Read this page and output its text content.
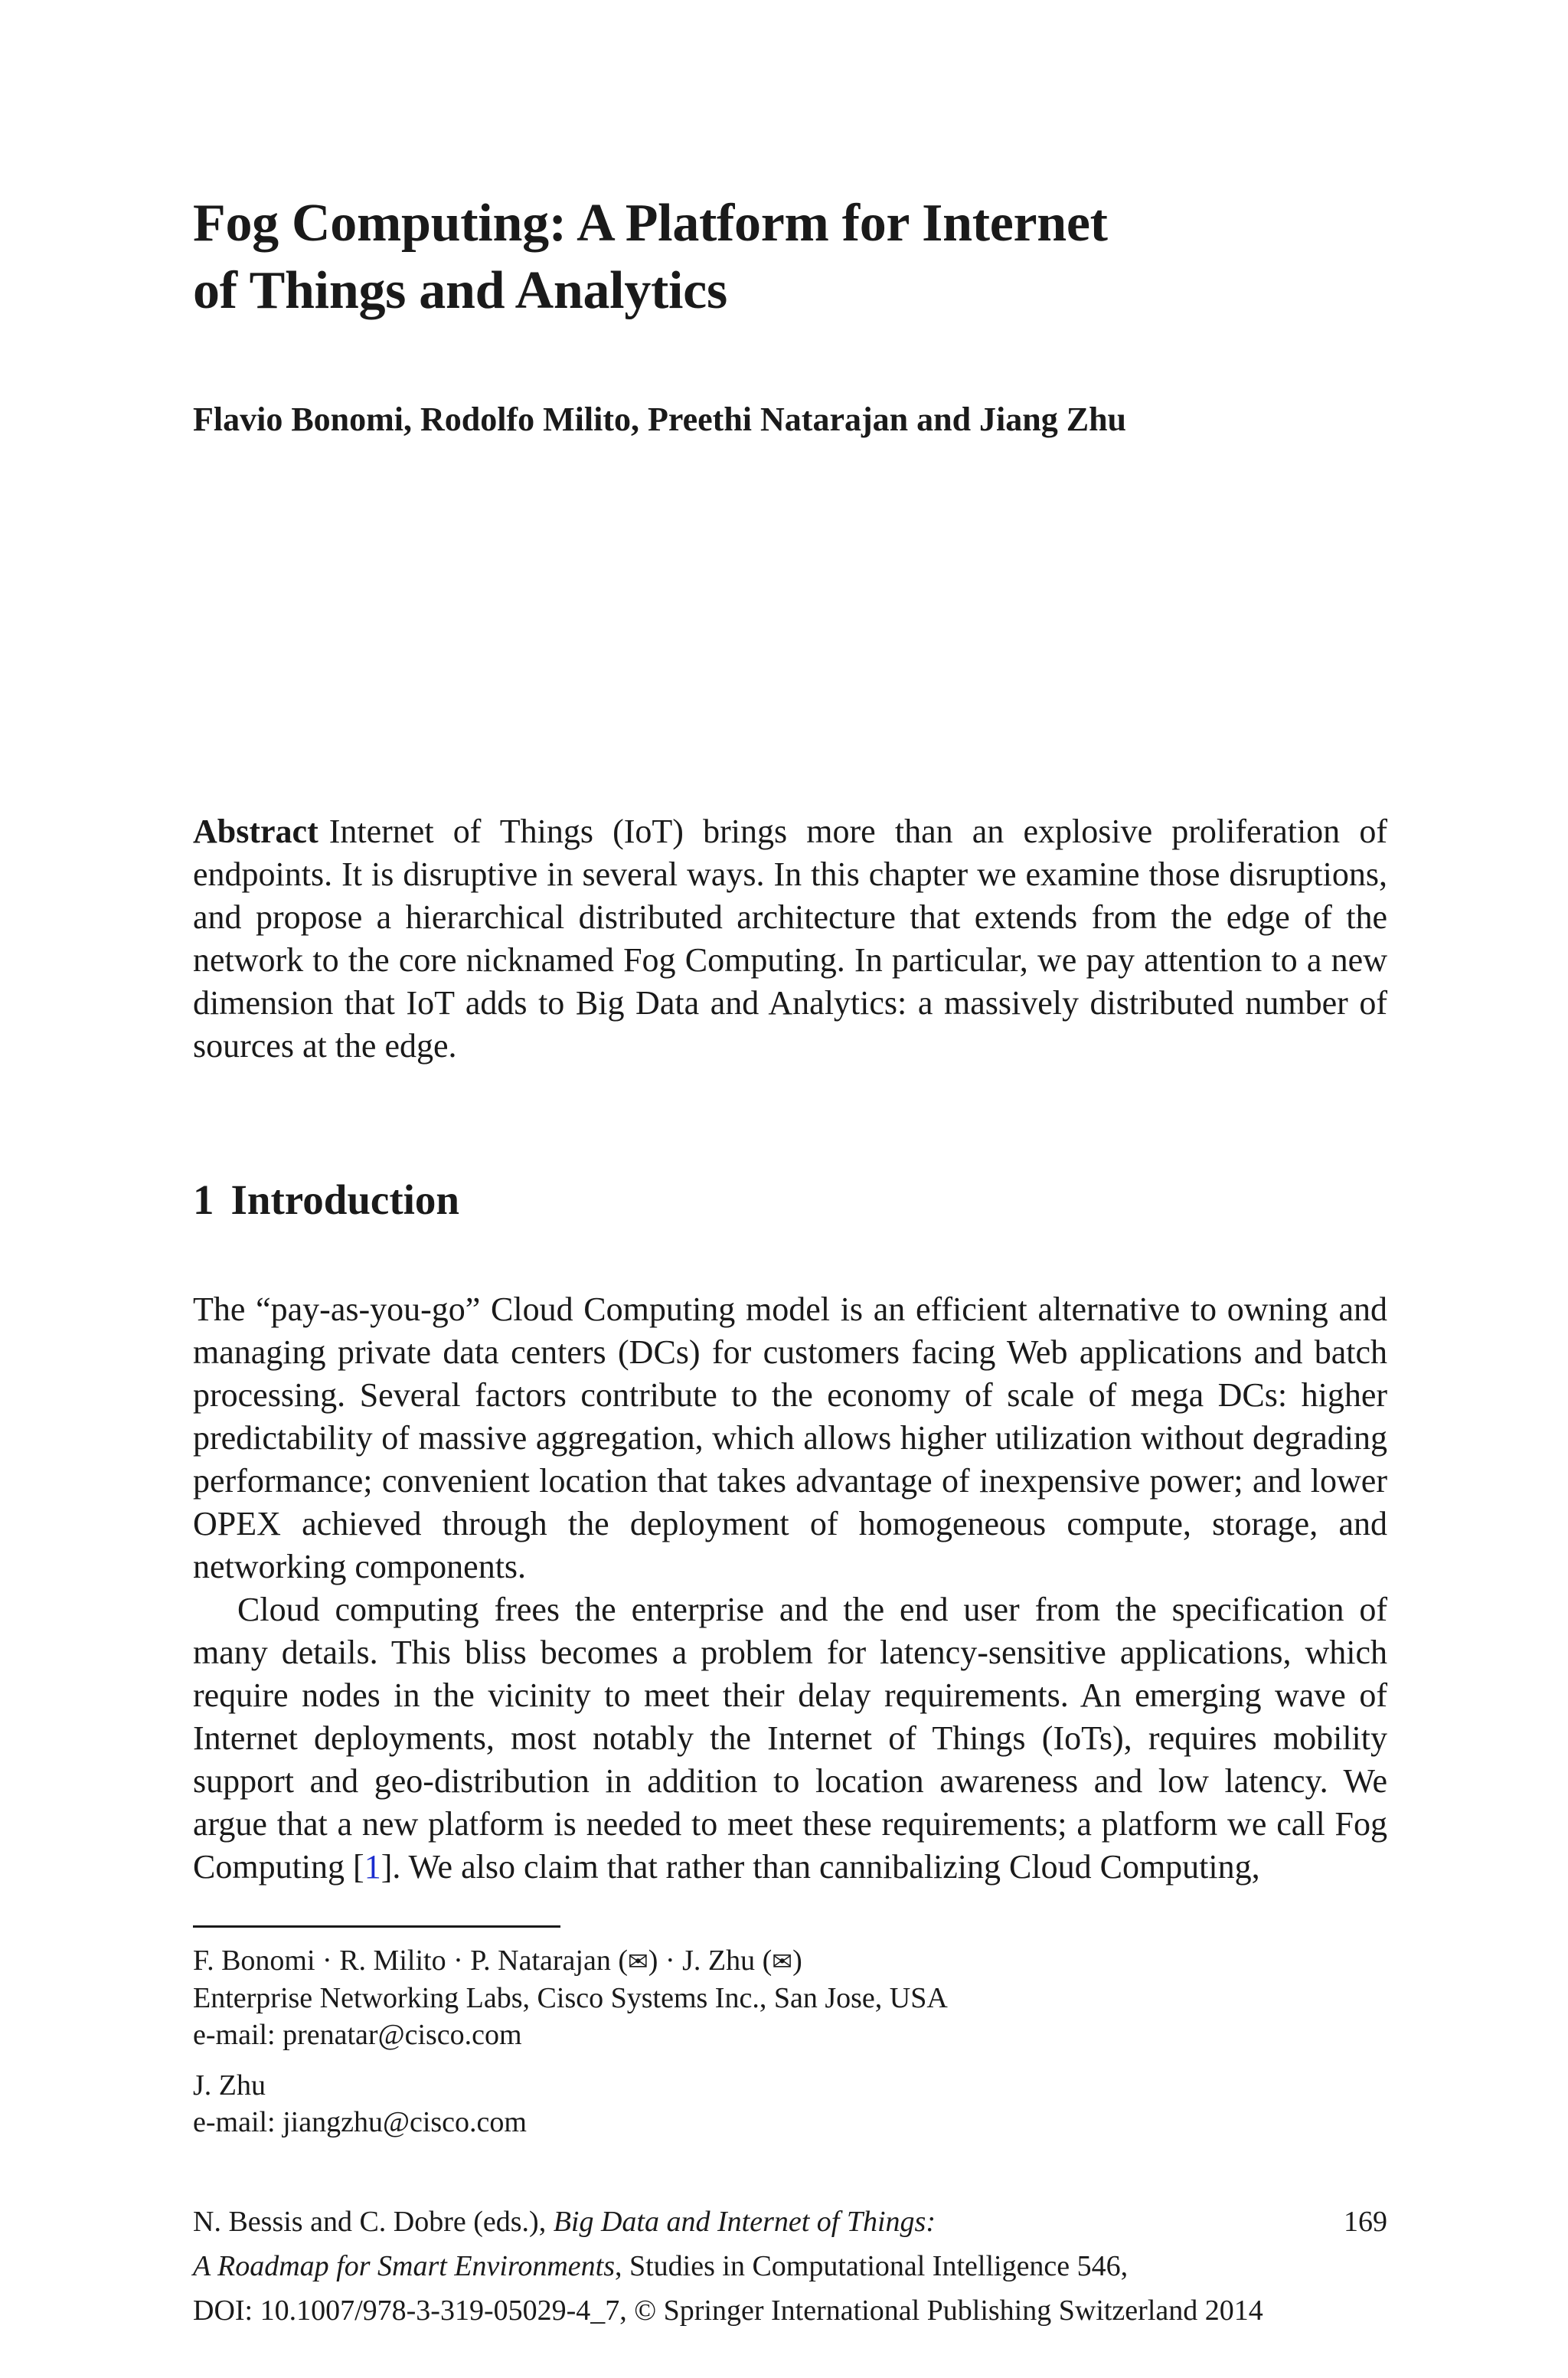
Fog Computing: A Platform for Internet
of Things and Analytics
Flavio Bonomi, Rodolfo Milito, Preethi Natarajan and Jiang Zhu
Abstract Internet of Things (IoT) brings more than an explosive proliferation of endpoints. It is disruptive in several ways. In this chapter we examine those disruptions, and propose a hierarchical distributed architecture that extends from the edge of the network to the core nicknamed Fog Computing. In particular, we pay attention to a new dimension that IoT adds to Big Data and Analytics: a massively distributed number of sources at the edge.
1 Introduction

The “pay-as-you-go” Cloud Computing model is an efficient alternative to owning and managing private data centers (DCs) for customers facing Web applications and batch processing. Several factors contribute to the economy of scale of mega DCs: higher predictability of massive aggregation, which allows higher utilization without degrading performance; convenient location that takes advantage of inexpensive power; and lower OPEX achieved through the deployment of homogeneous compute, storage, and networking components.

Cloud computing frees the enterprise and the end user from the specification of many details. This bliss becomes a problem for latency-sensitive applications, which require nodes in the vicinity to meet their delay requirements. An emerging wave of Internet deployments, most notably the Internet of Things (IoTs), requires mobility support and geo-distribution in addition to location awareness and low latency. We argue that a new platform is needed to meet these requirements; a platform we call Fog Computing [1]. We also claim that rather than cannibalizing Cloud Computing,

F. Bonomi · R. Milito · P. Natarajan (✉) · J. Zhu (✉)
Enterprise Networking Labs, Cisco Systems Inc., San Jose, USA
e-mail: prenatar@cisco.com
J. Zhu
e-mail: jiangzhu@cisco.com
N. Bessis and C. Dobre (eds.), Big Data and Internet of Things:
A Roadmap for Smart Environments, Studies in Computational Intelligence 546,
DOI: 10.1007/978-3-319-05029-4_7, © Springer International Publishing Switzerland 2014
169
